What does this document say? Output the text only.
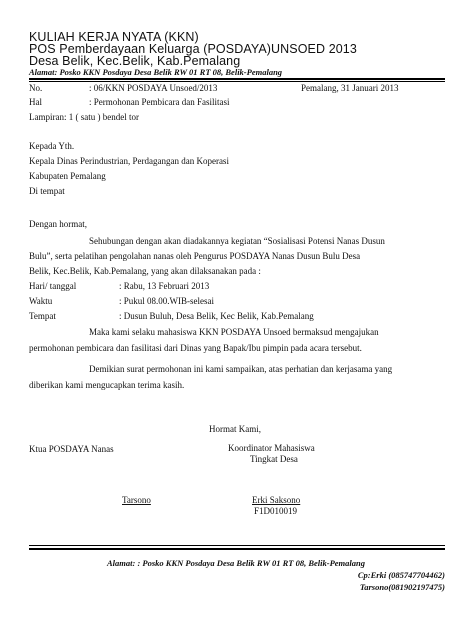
KULIAH KERJA NYATA (KKN)
POS Pemberdayaan Keluarga (POSDAYA)UNSOED 2013
Desa Belik, Kec.Belik, Kab.Pemalang
Alamat: Posko KKN Posdaya Desa Belik RW 01 RT 08, Belik-Pemalang
No.	: 06/KKN POSDAYA Unsoed/2013	Pemalang, 31 Januari 2013
Hal	: Permohonan Pembicara dan Fasilitasi
Lampiran: 1 ( satu ) bendel tor
Kepada Yth.
Kepala Dinas Perindustrian, Perdagangan dan Koperasi
Kabupaten Pemalang
Di tempat
Dengan hormat,
Sehubungan dengan akan diadakannya kegiatan “Sosialisasi Potensi Nanas Dusun
Bulu”, serta pelatihan pengolahan nanas oleh Pengurus POSDAYA Nanas Dusun Bulu Desa
Belik, Kec.Belik, Kab.Pemalang, yang akan dilaksanakan pada :
Hari/ tanggal	: Rabu, 13 Februari 2013
Waktu	: Pukul 08.00.WIB-selesai
Tempat	: Dusun Buluh, Desa Belik, Kec Belik, Kab.Pemalang
Maka kami selaku mahasiswa KKN POSDAYA Unsoed bermaksud mengajukan
permohonan pembicara dan fasilitasi dari Dinas yang Bapak/Ibu pimpin pada acara tersebut.
Demikian surat permohonan ini kami sampaikan, atas perhatian dan kerjasama yang
diberikan kami mengucapkan terima kasih.
Hormat Kami,
Ktua POSDAYA Nanas	Koordinator Mahasiswa
Tingkat Desa
Tarsono	Erki Saksono
F1D010019
Alamat: : Posko KKN Posdaya Desa Belik RW 01 RT 08, Belik-Pemalang
Cp:Erki (085747704462)
Tarsono(081902197475)
